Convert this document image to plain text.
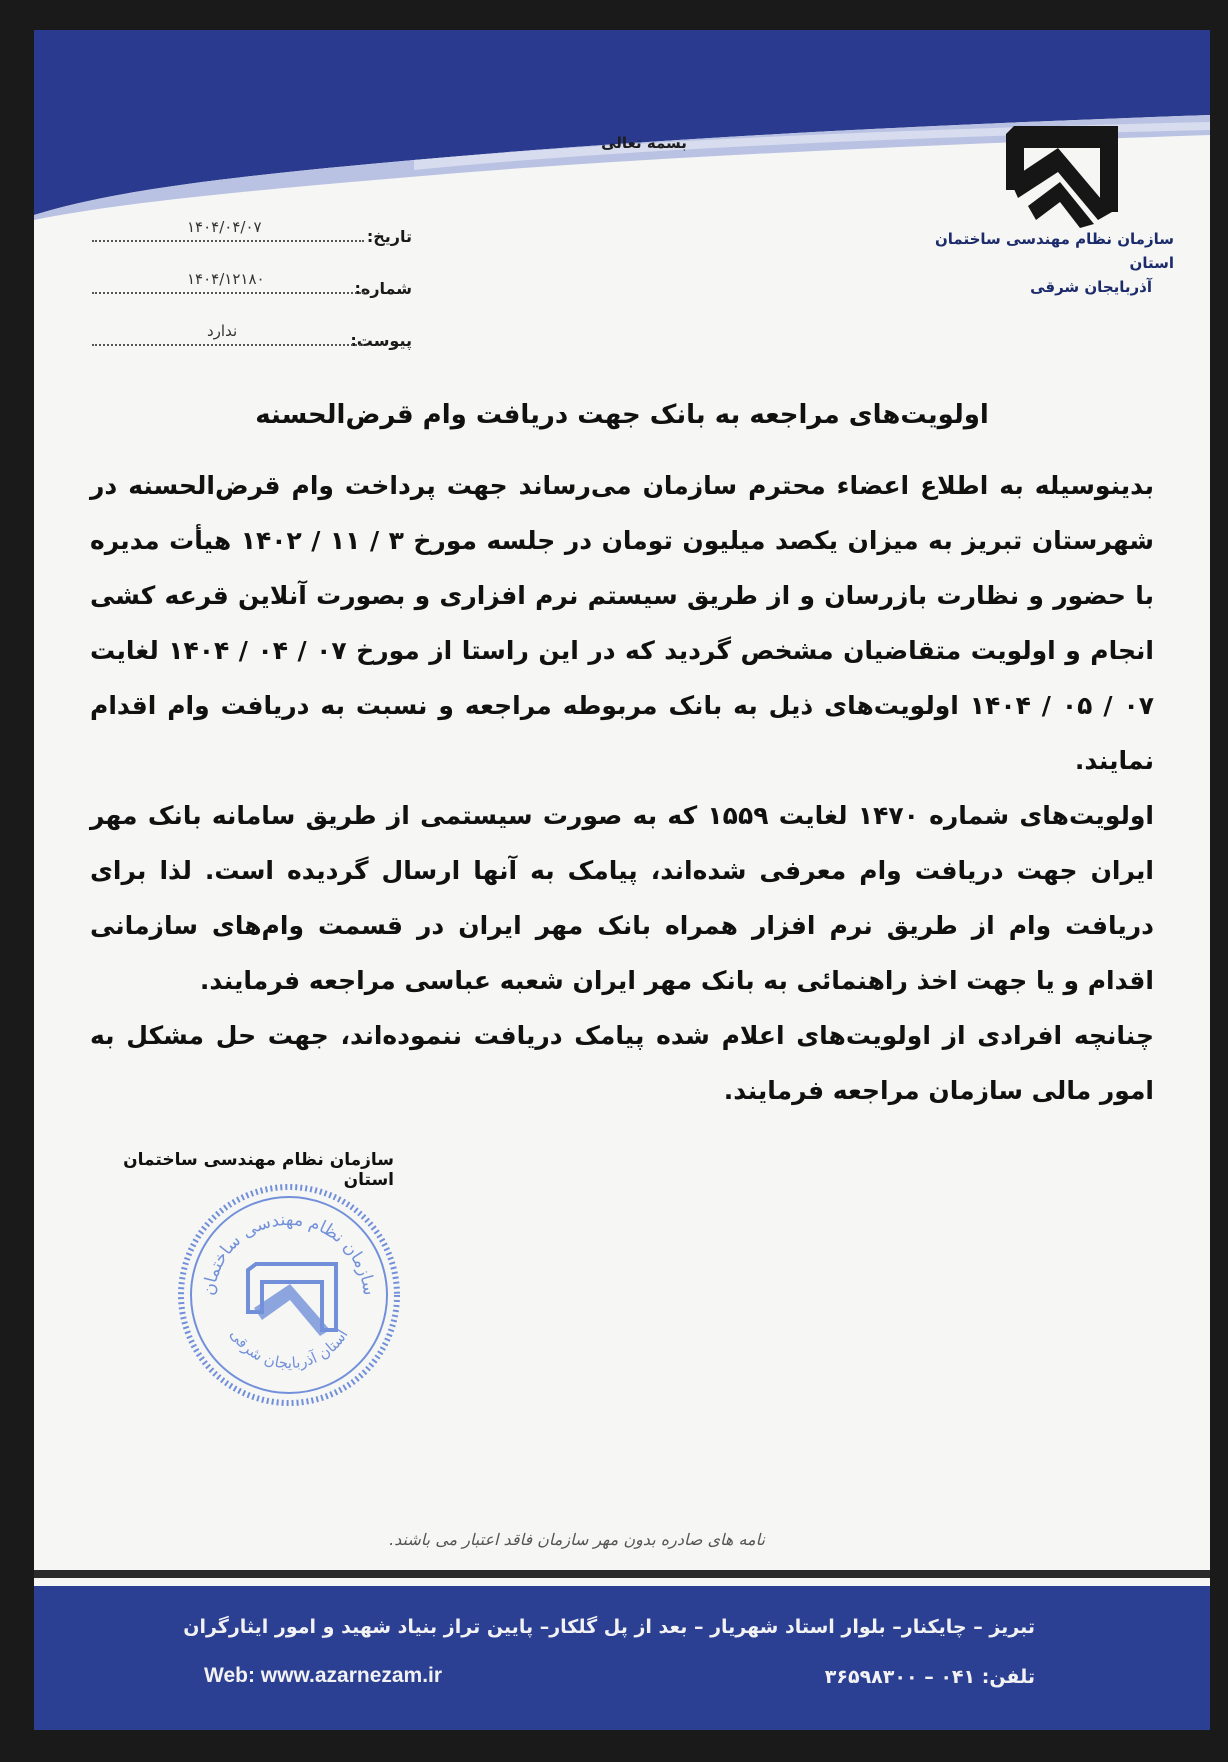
بسمه تعالی
سازمان نظام مهندسی ساختمان استان
آذربایجان شرقی
تاریخ:
۱۴۰۴/۰۴/۰۷
شماره:
۱۴۰۴/۱۲۱۸۰
پیوست:
ندارد
اولویت‌های مراجعه به بانک جهت دریافت وام قرض‌الحسنه

بدینوسیله به اطلاع اعضاء محترم سازمان می‌رساند جهت پرداخت وام قرض‌الحسنه در شهرستان تبریز به میزان یکصد میلیون تومان در جلسه مورخ ۳ / ۱۱ / ۱۴۰۲ هیأت مدیره با حضور و نظارت بازرسان و از طریق سیستم نرم افزاری و بصورت آنلاین قرعه کشی انجام و اولویت متقاضیان مشخص گردید که در این راستا از مورخ ۰۷ / ۰۴ / ۱۴۰۴ لغایت ۰۷ / ۰۵ / ۱۴۰۴ اولویت‌های ذیل به بانک مربوطه مراجعه و نسبت به دریافت وام اقدام نمایند.

اولویت‌های شماره ۱۴۷۰ لغایت ۱۵۵۹ که به صورت سیستمی از طریق سامانه بانک مهر ایران جهت دریافت وام معرفی شده‌اند، پیامک به آنها ارسال گردیده است. لذا برای دریافت وام از طریق نرم افزار همراه بانک مهر ایران در قسمت وام‌های سازمانی اقدام و یا جهت اخذ راهنمائی به بانک مهر ایران شعبه عباسی مراجعه فرمایند.

چنانچه افرادی از اولویت‌های اعلام شده پیامک دریافت ننموده‌اند، جهت حل مشکل به امور مالی سازمان مراجعه فرمایند.

سازمان نظام مهندسی ساختمان استان
سازمان نظام مهندسی ساختمان
استان آذربایجان شرقی
نامه های صادره بدون مهر سازمان فاقد اعتبار می باشند.
تبریز – چایکنار– بلوار استاد شهریار – بعد از پل گلکار– پایین تراز بنیاد شهید و امور ایثارگران
تلفن: ۰۴۱ – ۳۶۵۹۸۳۰۰
Web: www.azarnezam.ir
